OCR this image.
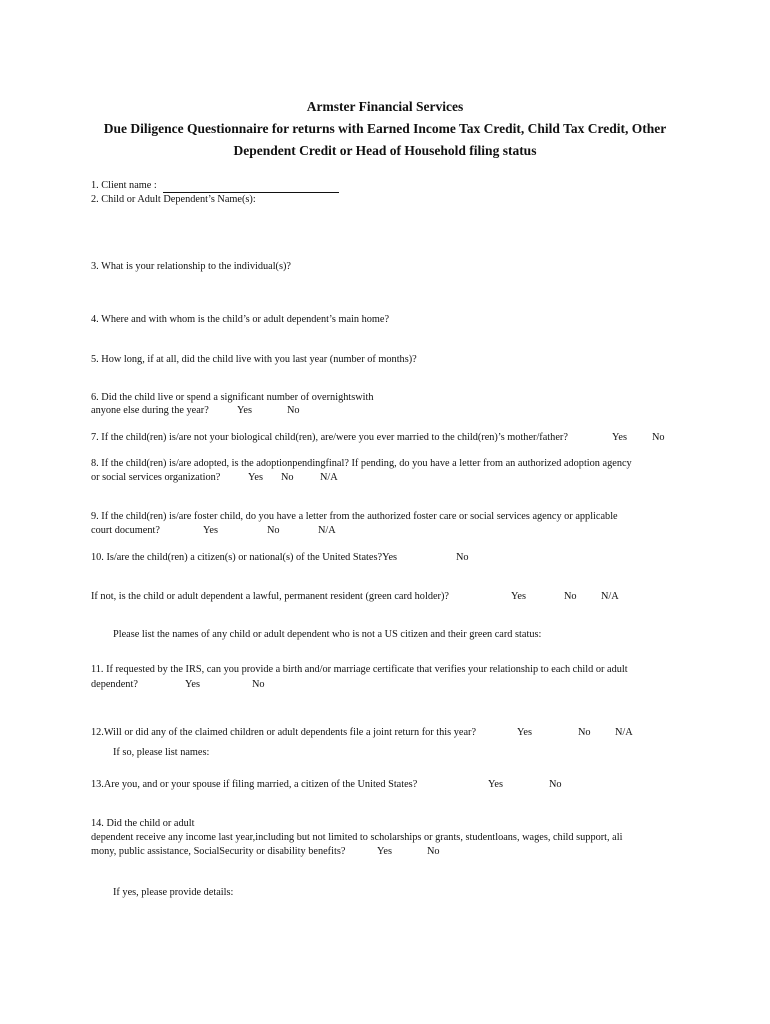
Armster Financial Services
Due Diligence Questionnaire for returns with Earned Income Tax Credit, Child Tax Credit, Other
Dependent Credit or Head of Household filing status
1. Client name :
2. Child or Adult Dependent’s Name(s):
3. What is your relationship to the individual(s)?
4. Where and with whom is the child’s or adult dependent’s main home?
5. How long, if at all, did the child live with you last year (number of months)?
6. Did the child live or spend a significant number of overnightswith
anyone else during the year?	Yes	No
7. If the child(ren) is/are not your biological child(ren), are/were you ever married to the child(ren)’s mother/father?	Yes No
8. If the child(ren) is/are adopted, is the adoptionpendingfinal? If pending, do you have a letter from an authorized adoption agency
or social services organization?	Yes No	N/A
9. If the child(ren) is/are foster child, do you have a letter from the authorized foster care or social services agency or applicable
court document?	Yes	No	N/A
10. Is/are the child(ren) a citizen(s) or national(s) of the United States?Yes	No
If not, is the child or adult dependent a lawful, permanent resident (green card holder)?	Yes	No N/A
Please list the names of any child or adult dependent who is not a US citizen and their green card status:
11. If requested by the IRS, can you provide a birth and/or marriage certificate that verifies your relationship to each child or adult
dependent?	Yes	No
12.Will or did any of the claimed children or adult dependents file a joint return for this year?	Yes	No N/A
If so, please list names:
13.Are you, and or your spouse if filing married, a citizen of the United States?	Yes	No
14. Did the child or adult
dependent receive any income last year,including but not limited to scholarships or grants, studentloans, wages, child support, ali
mony, public assistance, SocialSecurity or disability benefits?	Yes	No
If yes, please provide details:
